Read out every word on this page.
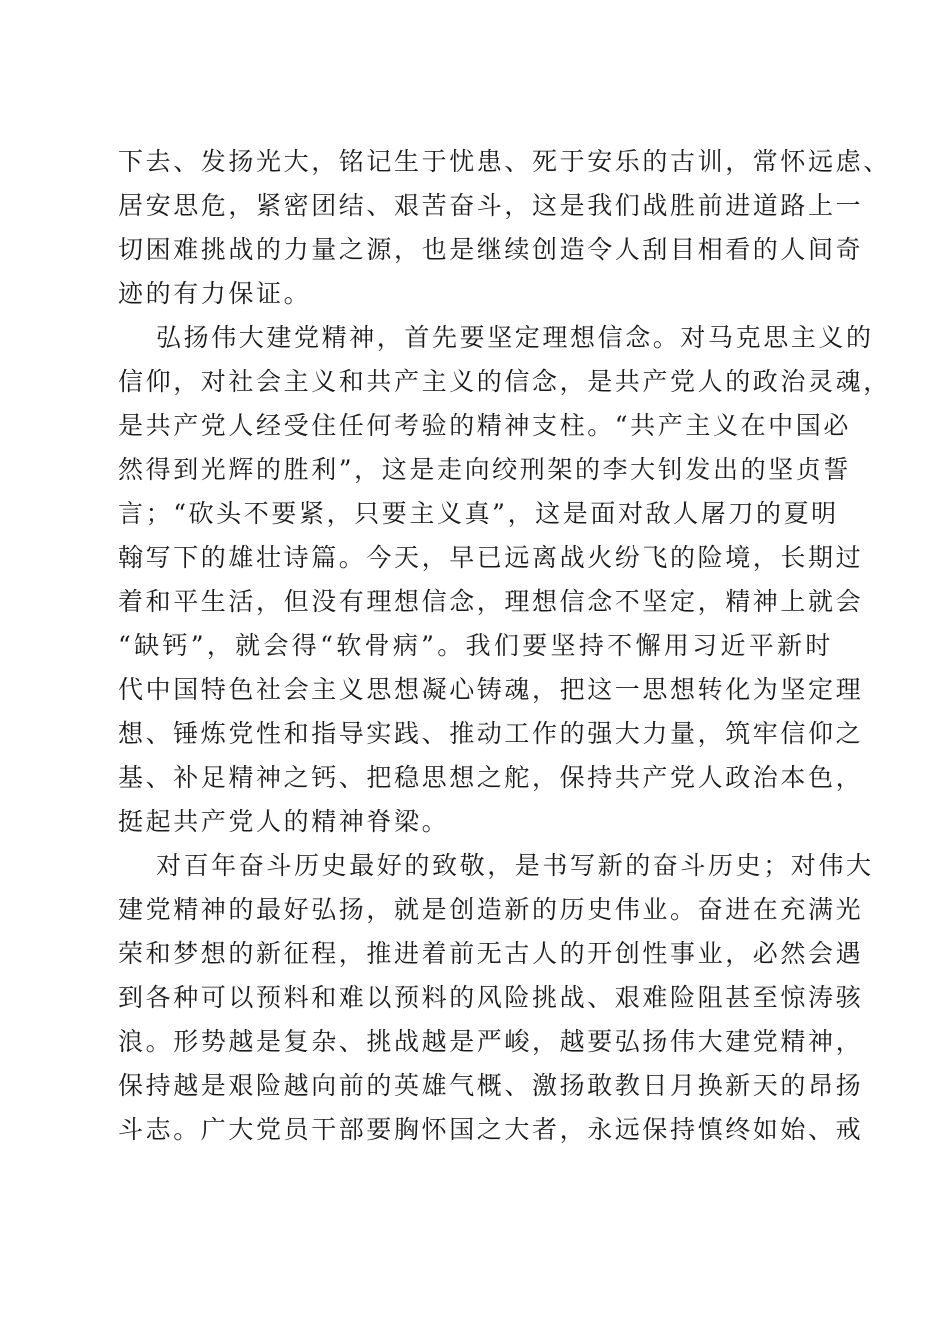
下去、发扬光大，铭记生于忧患、死于安乐的古训，常怀远虑、
居安思危，紧密团结、艰苦奋斗，这是我们战胜前进道路上一
切困难挑战的力量之源，也是继续创造令人刮目相看的人间奇
迹的有力保证。
弘扬伟大建党精神，首先要坚定理想信念。对马克思主义的
信仰，对社会主义和共产主义的信念，是共产党人的政治灵魂，
是共产党人经受住任何考验的精神支柱。“共产主义在中国必
然得到光辉的胜利”，这是走向绞刑架的李大钊发出的坚贞誓
言；“砍头不要紧，只要主义真”，这是面对敌人屠刀的夏明
翰写下的雄壮诗篇。今天，早已远离战火纷飞的险境，长期过
着和平生活，但没有理想信念，理想信念不坚定，精神上就会
“缺钙”，就会得“软骨病”。我们要坚持不懈用习近平新时
代中国特色社会主义思想凝心铸魂，把这一思想转化为坚定理
想、锤炼党性和指导实践、推动工作的强大力量，筑牢信仰之
基、补足精神之钙、把稳思想之舵，保持共产党人政治本色，
挺起共产党人的精神脊梁。
对百年奋斗历史最好的致敬，是书写新的奋斗历史；对伟大
建党精神的最好弘扬，就是创造新的历史伟业。奋进在充满光
荣和梦想的新征程，推进着前无古人的开创性事业，必然会遇
到各种可以预料和难以预料的风险挑战、艰难险阻甚至惊涛骇
浪。形势越是复杂、挑战越是严峻，越要弘扬伟大建党精神，
保持越是艰险越向前的英雄气概、激扬敢教日月换新天的昂扬
斗志。广大党员干部要胸怀国之大者，永远保持慎终如始、戒
